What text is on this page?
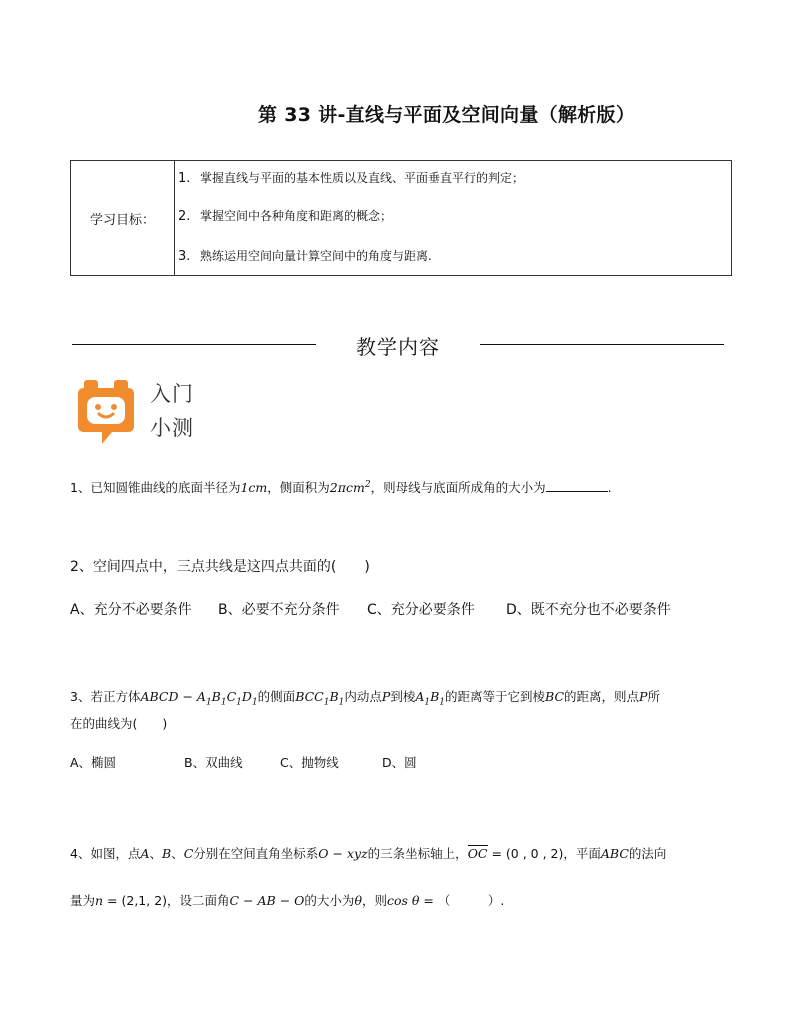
第 33 讲-直线与平面及空间向量（解析版）
学习目标：
1. 掌握直线与平面的基本性质以及直线、平面垂直平行的判定；
2. 掌握空间中各种角度和距离的概念；
3. 熟练运用空间向量计算空间中的角度与距离.
教学内容
入门
小测
1、已知圆锥曲线的底面半径为1cm，侧面积为2πcm$^2$，则母线与底面所成角的大小为	.
2、空间四点中，三点共线是这四点共面的(　　)
A、充分不必要条件 B、必要不充分条件 C、充分必要条件 D、既不充分也不必要条件
3、若正方体ABCD − $A_1B_1C_1D_1$的侧面$BCC_1B_1$内动点P到棱$A_1B_1$的距离等于它到棱BC的距离，则点P所
在的曲线为(　　)
A、椭圆	B、双曲线	C、抛物线	D、圆
4、如图，点A、B、C分别在空间直角坐标系O − xyz的三条坐标轴上，OC = (0 , 0 , 2)，平面ABC的法向
量为n = (2,1, 2)，设二面角C − AB − O的大小为θ，则cos θ = （　　　）.
